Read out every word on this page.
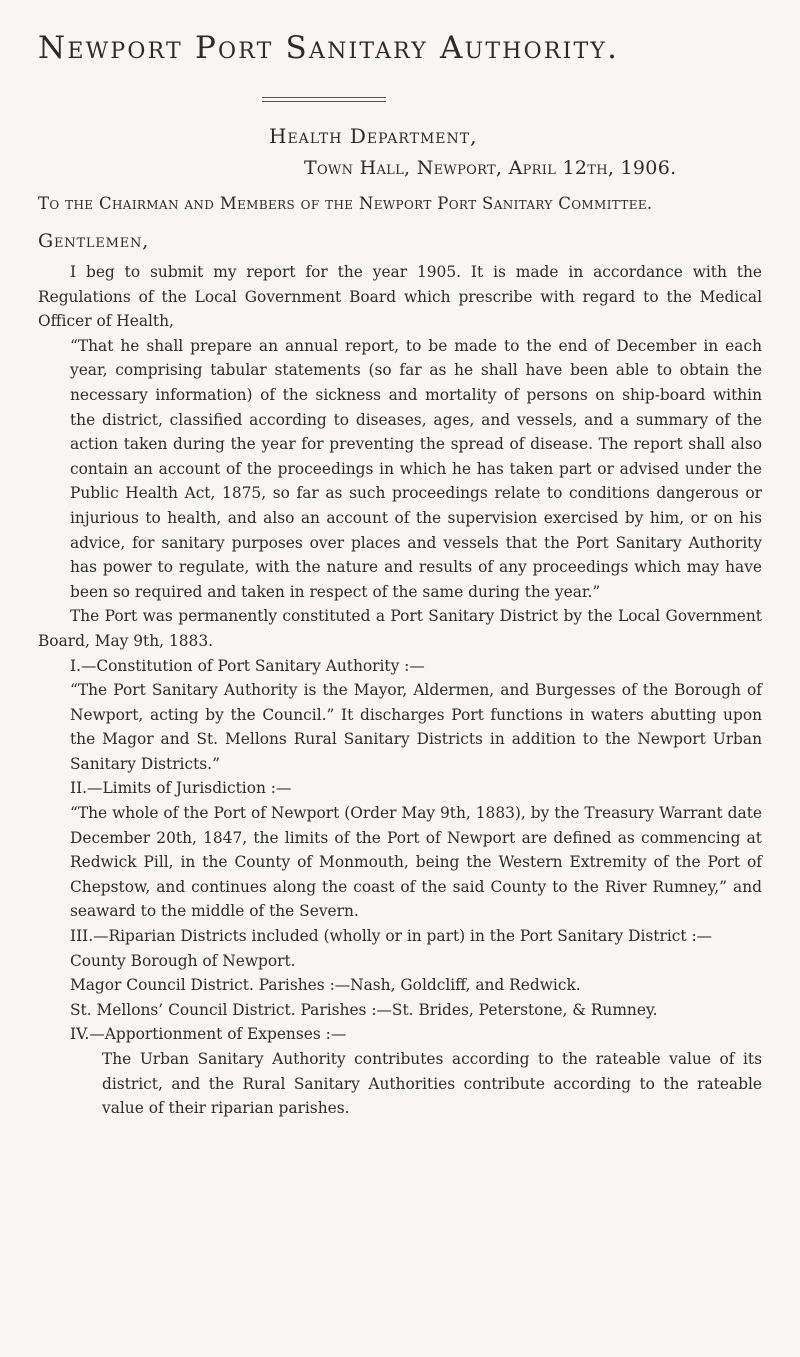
Newport Port Sanitary Authority.
Health Department,
Town Hall, Newport, April 12th, 1906.
To the Chairman and Members of the Newport Port Sanitary Committee.
Gentlemen,

I beg to submit my report for the year 1905. It is made in accordance with the Regulations of the Local Government Board which prescribe with regard to the Medical Officer of Health,

“That he shall prepare an annual report, to be made to the end of December in each year, comprising tabular statements (so far as he shall have been able to obtain the necessary information) of the sickness and mortality of persons on ship-board within the district, classified according to diseases, ages, and vessels, and a summary of the action taken during the year for preventing the spread of disease. The report shall also contain an account of the proceedings in which he has taken part or advised under the Public Health Act, 1875, so far as such proceedings relate to conditions dangerous or injurious to health, and also an account of the supervision exercised by him, or on his advice, for sanitary purposes over places and vessels that the Port Sanitary Authority has power to regulate, with the nature and results of any proceedings which may have been so required and taken in respect of the same during the year.”

The Port was permanently constituted a Port Sanitary District by the Local Government Board, May 9th, 1883.

I.—Constitution of Port Sanitary Authority :—

“The Port Sanitary Authority is the Mayor, Aldermen, and Burgesses of the Borough of Newport, acting by the Council.” It discharges Port functions in waters abutting upon the Magor and St. Mellons Rural Sanitary Districts in addition to the Newport Urban Sanitary Districts.”

II.—Limits of Jurisdiction :—

“The whole of the Port of Newport (Order May 9th, 1883), by the Treasury Warrant date December 20th, 1847, the limits of the Port of Newport are defined as commencing at Redwick Pill, in the County of Monmouth, being the Western Extremity of the Port of Chepstow, and continues along the coast of the said County to the River Rumney,” and seaward to the middle of the Severn.

III.—Riparian Districts included (wholly or in part) in the Port Sanitary District :—

County Borough of Newport.

Magor Council District. Parishes :—Nash, Goldcliff, and Redwick.

St. Mellons’ Council District. Parishes :—St. Brides, Peterstone, & Rumney.

IV.—Apportionment of Expenses :—

The Urban Sanitary Authority contributes according to the rateable value of its district, and the Rural Sanitary Authorities contribute according to the rateable value of their riparian parishes.
